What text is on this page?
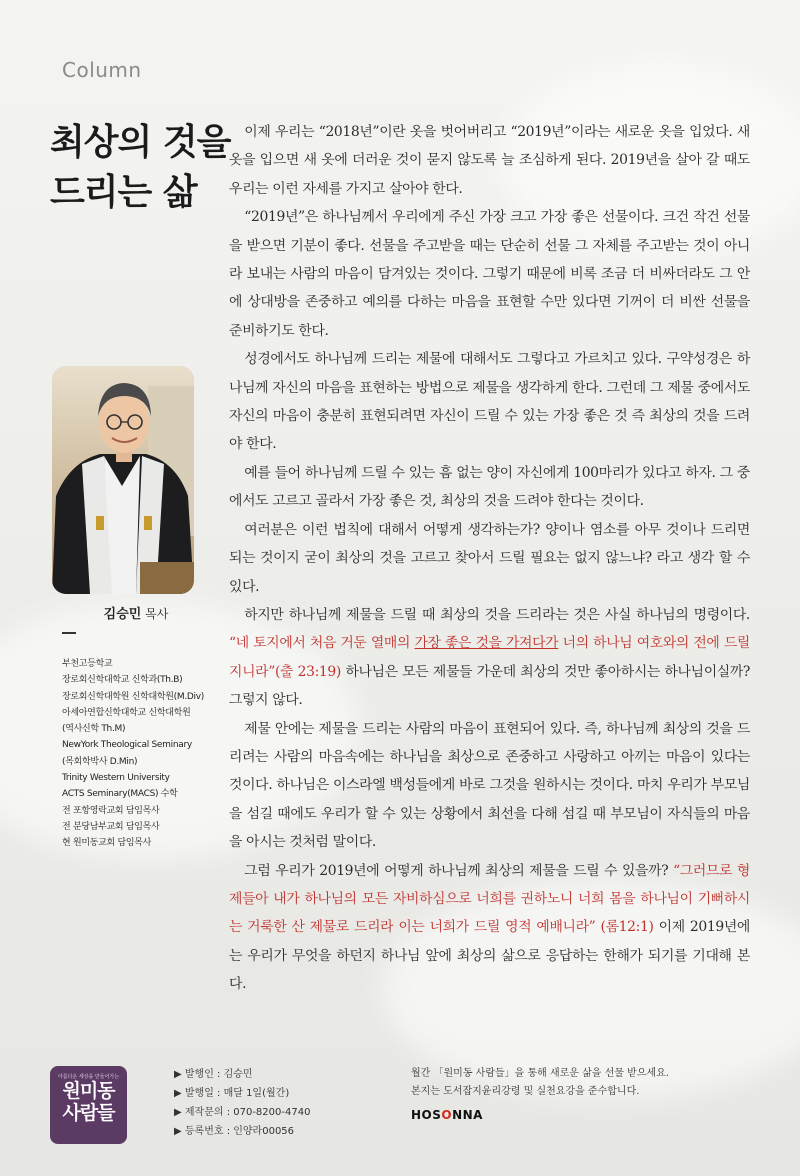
Column
최상의 것을
드리는 삶
김승민 목사
부천고등학교
장로회신학대학교 신학과(Th.B)
장로회신학대학원 신학대학원(M.Div)
아세아연합신학대학교 신학대학원
(역사신학 Th.M)
NewYork Theological Seminary
(목회학박사 D.Min)
Trinity Western University
ACTS Seminary(MACS) 수학
전 포항영락교회 담임목사
전 분당남부교회 담임목사
현 원미동교회 담임목사

이제 우리는 “2018년”이란 옷을 벗어버리고 “2019년”이라는 새로운 옷을 입었다. 새 옷을 입으면 새 옷에 더러운 것이 묻지 않도록 늘 조심하게 된다. 2019년을 살아 갈 때도 우리는 이런 자세를 가지고 살아야 한다.

“2019년”은 하나님께서 우리에게 주신 가장 크고 가장 좋은 선물이다. 크건 작건 선물을 받으면 기분이 좋다. 선물을 주고받을 때는 단순히 선물 그 자체를 주고받는 것이 아니라 보내는 사람의 마음이 담겨있는 것이다. 그렇기 때문에 비록 조금 더 비싸더라도 그 안에 상대방을 존중하고 예의를 다하는 마음을 표현할 수만 있다면 기꺼이 더 비싼 선물을 준비하기도 한다.

성경에서도 하나님께 드리는 제물에 대해서도 그렇다고 가르치고 있다. 구약성경은 하나님께 자신의 마음을 표현하는 방법으로 제물을 생각하게 한다. 그런데 그 제물 중에서도 자신의 마음이 충분히 표현되려면 자신이 드릴 수 있는 가장 좋은 것 즉 최상의 것을 드려야 한다.

예를 들어 하나님께 드릴 수 있는 흠 없는 양이 자신에게 100마리가 있다고 하자. 그 중에서도 고르고 골라서 가장 좋은 것, 최상의 것을 드려야 한다는 것이다.

여러분은 이런 법칙에 대해서 어떻게 생각하는가? 양이나 염소를 아무 것이나 드리면 되는 것이지 굳이 최상의 것을 고르고 찾아서 드릴 필요는 없지 않느냐? 라고 생각 할 수 있다.

하지만 하나님께 제물을 드릴 때 최상의 것을 드리라는 것은 사실 하나님의 명령이다. “네 토지에서 처음 거둔 열매의 가장 좋은 것을 가져다가 너의 하나님 여호와의 전에 드릴지니라”(출 23:19) 하나님은 모든 제물들 가운데 최상의 것만 좋아하시는 하나님이실까? 그렇지 않다.

제물 안에는 제물을 드리는 사람의 마음이 표현되어 있다. 즉, 하나님께 최상의 것을 드리려는 사람의 마음속에는 하나님을 최상으로 존중하고 사랑하고 아끼는 마음이 있다는 것이다. 하나님은 이스라엘 백성들에게 바로 그것을 원하시는 것이다. 마치 우리가 부모님을 섬길 때에도 우리가 할 수 있는 상황에서 최선을 다해 섬길 때 부모님이 자식들의 마음을 아시는 것처럼 말이다.

그럼 우리가 2019년에 어떻게 하나님께 최상의 제물을 드릴 수 있을까? “그러므로 형제들아 내가 하나님의 모든 자비하심으로 너희를 권하노니 너희 몸을 하나님이 기뻐하시는 거룩한 산 제물로 드리라 이는 너희가 드릴 영적 예배니라” (롬12:1) 이제 2019년에는 우리가 무엇을 하던지 하나님 앞에 최상의 삶으로 응답하는 한해가 되기를 기대해 본다.

아름다운 세상을 만들어가는
원미동
사람들
▶ 발행인 : 김승민
▶ 발행일 : 매달 1일(월간)
▶ 제작문의 : 070-8200-4740
▶ 등록번호 : 인양라00056
월간 「원미동 사람들」을 통해 새로운 삶을 선물 받으세요.
본지는 도서잡지윤리강령 및 실천요강을 준수합니다.
HOSONNA
